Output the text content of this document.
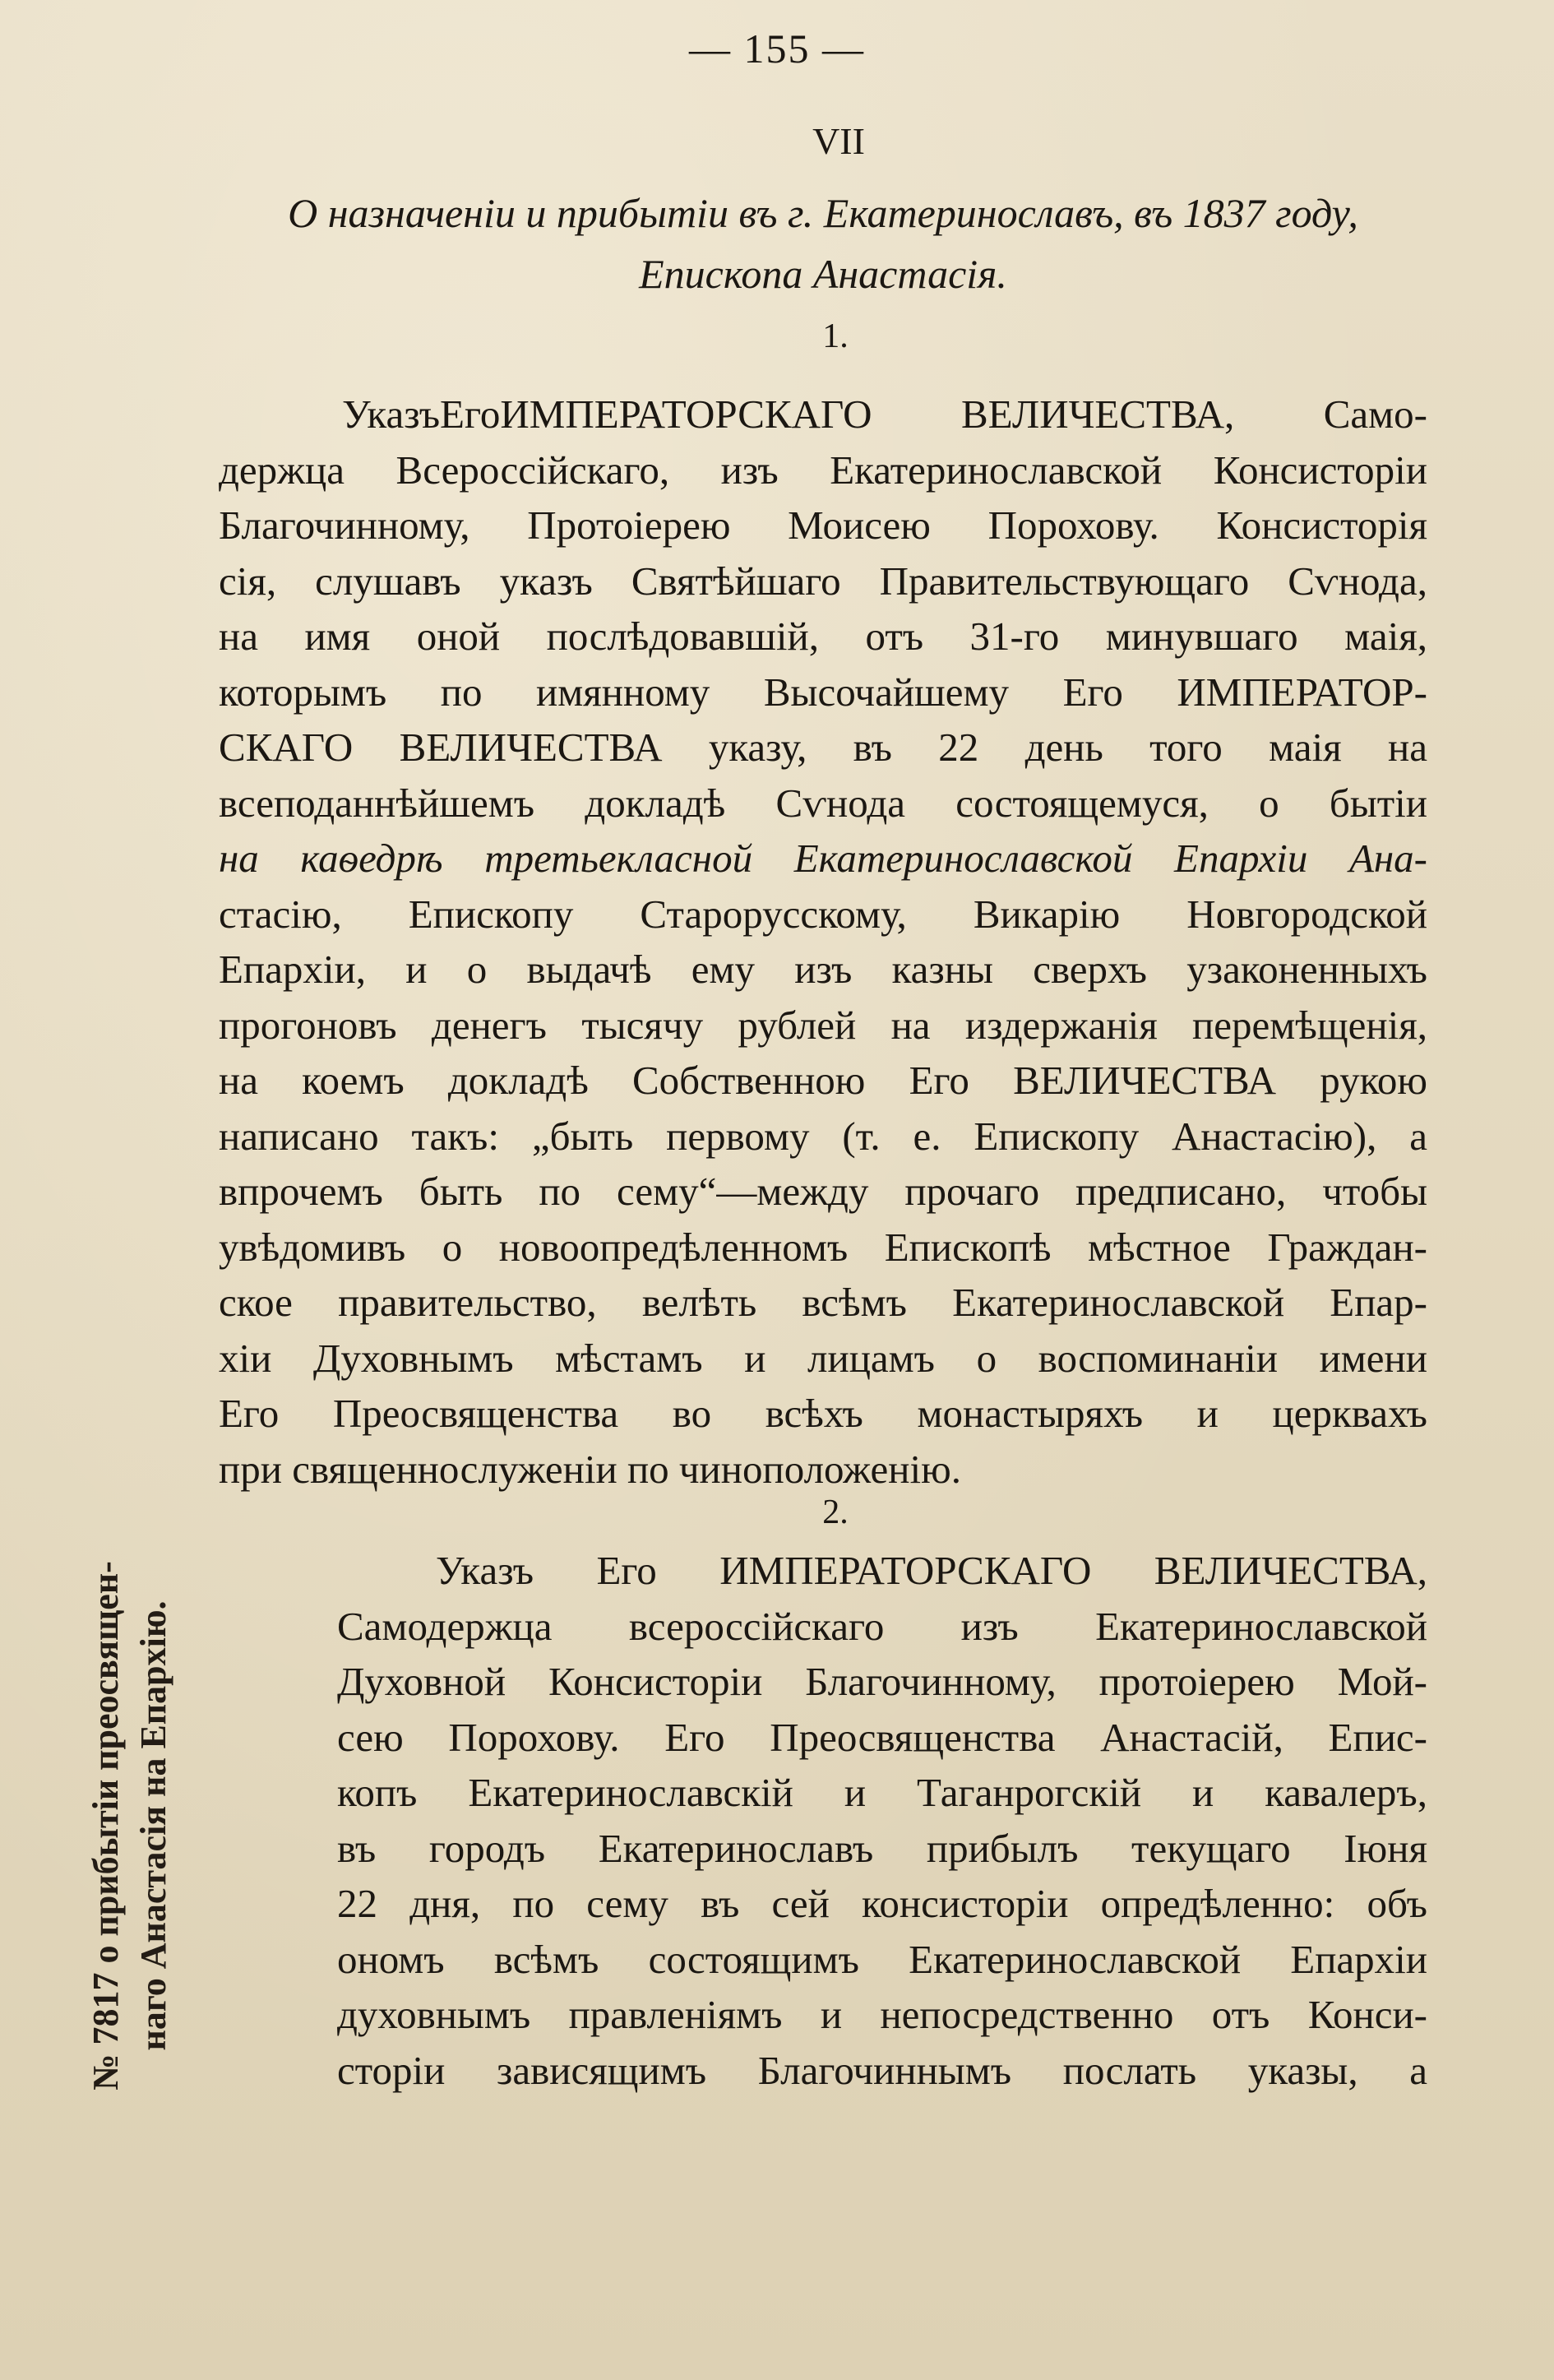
— 155 —
VII
О назначеніи и прибытіи въ г. Екатеринославъ, въ 1837 году,
Епископа Анастасія.
1.
УказъЕгоИМПЕРАТОРСКАГО ВЕЛИЧЕСТВА, Само-
держца Всероссійскаго, изъ Екатеринославской Консисторіи
Благочинному, Протоіерею Моисею Порохову. Консисторія
сія, слушавъ указъ Святѣйшаго Правительствующаго Сѵнода,
на имя оной послѣдовавшій, отъ 31-го минувшаго маія,
которымъ по имянному Высочайшему Его ИМПЕРАТОР-
СКАГО ВЕЛИЧЕСТВА указу, въ 22 день того маія на
всеподаннѣйшемъ докладѣ Сѵнода состоящемуся, о бытіи
на каѳедрѣ третьекласной Екатеринославской Епархіи Ана-
стасію, Епископу Старорусскому, Викарію Новгородской
Епархіи, и о выдачѣ ему изъ казны сверхъ узаконенныхъ
прогоновъ денегъ тысячу рублей на издержанія перемѣщенія,
на коемъ докладѣ Собственною Его ВЕЛИЧЕСТВА рукою
написано такъ: „быть первому (т. е. Епископу Анастасію), а
впрочемъ быть по сему“—между прочаго предписано, чтобы
увѣдомивъ о новоопредѣленномъ Епископѣ мѣстное Граждан-
ское правительство, велѣть всѣмъ Екатеринославской Епар-
хіи Духовнымъ мѣстамъ и лицамъ о воспоминаніи имени
Его Преосвященства во всѣхъ монастыряхъ и церквахъ
при священнослуженіи по чиноположенію.
2.
Указъ Его ИМПЕРАТОРСКАГО ВЕЛИЧЕСТВА,
Самодержца всероссійскаго изъ Екатеринославской
Духовной Консисторіи Благочинному, протоіерею Мой-
сею Порохову. Его Преосвященства Анастасій, Епис-
копъ Екатеринославскій и Таганрогскій и кавалеръ,
въ городъ Екатеринославъ прибылъ текущаго Іюня
22 дня, по сему въ сей консисторіи опредѣленно: объ
ономъ всѣмъ состоящимъ Екатеринославской Епархіи
духовнымъ правленіямъ и непосредственно отъ Конси-
сторіи зависящимъ Благочиннымъ послать указы, а
№ 7817 о прибытіи преосвящен- наго Анастасія на Епархію.
